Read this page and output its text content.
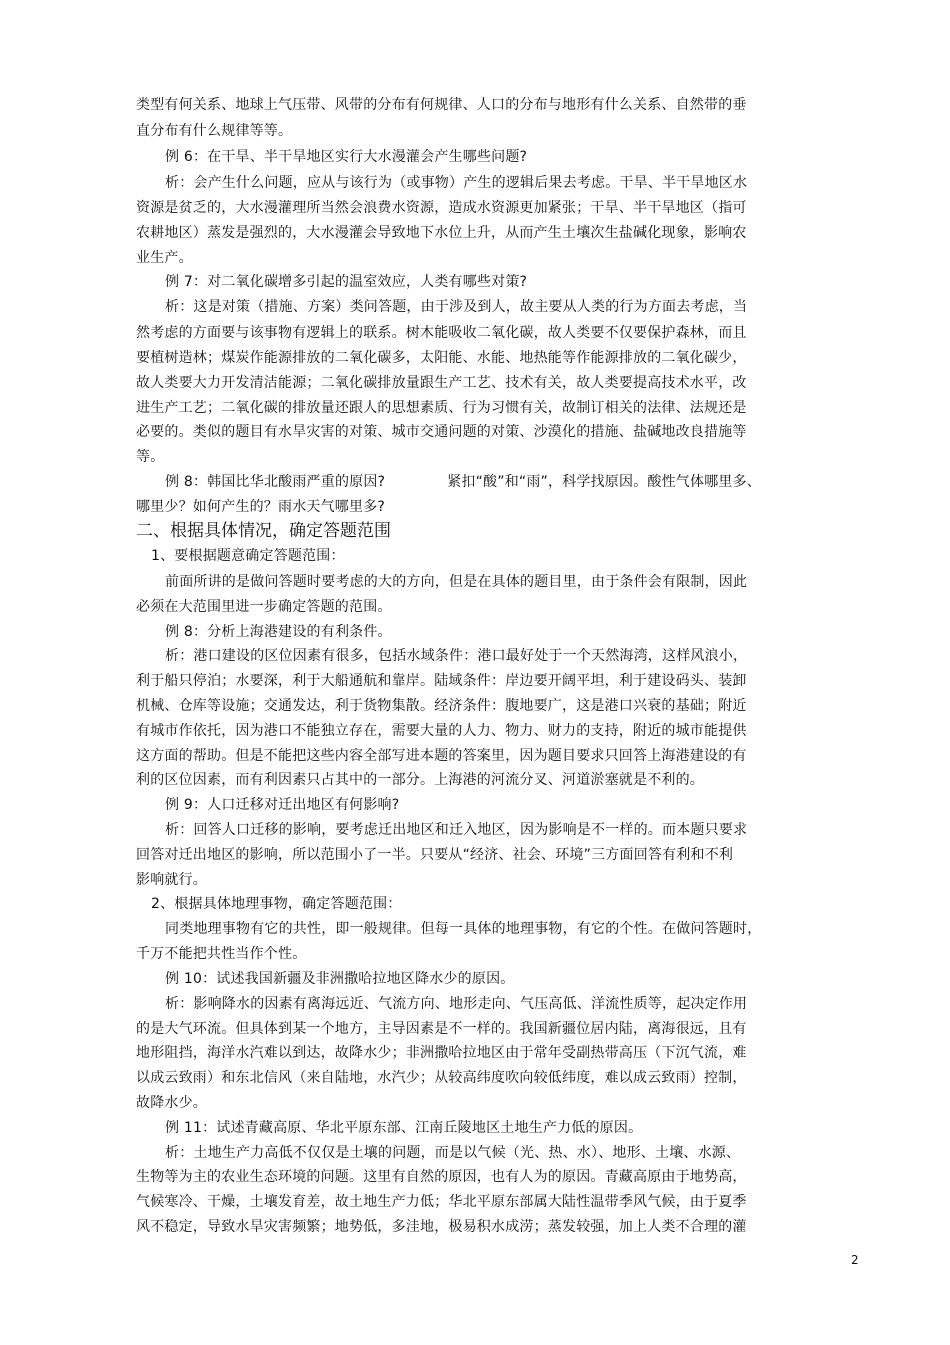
类型有何关系、地球上气压带、风带的分布有何规律、人口的分布与地形有什么关系、自然带的垂
直分布有什么规律等等。
例 6：在干旱、半干旱地区实行大水漫灌会产生哪些问题?
析：会产生什么问题，应从与该行为（或事物）产生的逻辑后果去考虑。干旱、半干旱地区水
资源是贫乏的，大水漫灌理所当然会浪费水资源，造成水资源更加紧张；干旱、半干旱地区（指可
农耕地区）蒸发是强烈的，大水漫灌会导致地下水位上升，从而产生土壤次生盐碱化现象，影响农
业生产。
例 7：对二氧化碳增多引起的温室效应，人类有哪些对策?
析：这是对策（措施、方案）类问答题，由于涉及到人，故主要从人类的行为方面去考虑，当
然考虑的方面要与该事物有逻辑上的联系。树木能吸收二氧化碳，故人类要不仅要保护森林，而且
要植树造林；煤炭作能源排放的二氧化碳多，太阳能、水能、地热能等作能源排放的二氧化碳少，
故人类要大力开发清洁能源；二氧化碳排放量跟生产工艺、技术有关，故人类要提高技术水平，改
进生产工艺；二氧化碳的排放量还跟人的思想素质、行为习惯有关，故制订相关的法律、法规还是
必要的。类似的题目有水旱灾害的对策、城市交通问题的对策、沙漠化的措施、盐碱地改良措施等
等。
例 8：韩国比华北酸雨严重的原因?	紧扣“酸”和“雨”，科学找原因。酸性气体哪里多、
哪里少？如何产生的？雨水天气哪里多?
二、根据具体情况，确定答题范围
1、要根据题意确定答题范围：
前面所讲的是做问答题时要考虑的大的方向，但是在具体的题目里，由于条件会有限制，因此
必须在大范围里进一步确定答题的范围。
例 8：分析上海港建设的有利条件。
析：港口建设的区位因素有很多，包括水域条件：港口最好处于一个天然海湾，这样风浪小，
利于船只停泊；水要深，利于大船通航和靠岸。陆域条件：岸边要开阔平坦，利于建设码头、装卸
机械、仓库等设施；交通发达，利于货物集散。经济条件：腹地要广，这是港口兴衰的基础；附近
有城市作依托，因为港口不能独立存在，需要大量的人力、物力、财力的支持，附近的城市能提供
这方面的帮助。但是不能把这些内容全部写进本题的答案里，因为题目要求只回答上海港建设的有
利的区位因素，而有利因素只占其中的一部分。上海港的河流分叉、河道淤塞就是不利的。
例 9：人口迁移对迁出地区有何影响?
析：回答人口迁移的影响，要考虑迁出地区和迁入地区，因为影响是不一样的。而本题只要求
回答对迁出地区的影响，所以范围小了一半。只要从“经济、社会、环境”三方面回答有利和不利
影响就行。
2、根据具体地理事物，确定答题范围：
同类地理事物有它的共性，即一般规律。但每一具体的地理事物，有它的个性。在做问答题时，
千万不能把共性当作个性。
例 10：试述我国新疆及非洲撒哈拉地区降水少的原因。
析：影响降水的因素有离海远近、气流方向、地形走向、气压高低、洋流性质等，起决定作用
的是大气环流。但具体到某一个地方，主导因素是不一样的。我国新疆位居内陆，离海很远，且有
地形阻挡，海洋水汽难以到达，故降水少；非洲撒哈拉地区由于常年受副热带高压（下沉气流，难
以成云致雨）和东北信风（来自陆地，水汽少；从较高纬度吹向较低纬度，难以成云致雨）控制，
故降水少。
例 11：试述青藏高原、华北平原东部、江南丘陵地区土地生产力低的原因。
析：土地生产力高低不仅仅是土壤的问题，而是以气候（光、热、水）、地形、土壤、水源、
生物等为主的农业生态环境的问题。这里有自然的原因，也有人为的原因。青藏高原由于地势高，
气候寒冷、干燥，土壤发育差，故土地生产力低；华北平原东部属大陆性温带季风气候，由于夏季
风不稳定，导致水旱灾害频繁；地势低，多洼地，极易积水成涝；蒸发较强，加上人类不合理的灌
2
